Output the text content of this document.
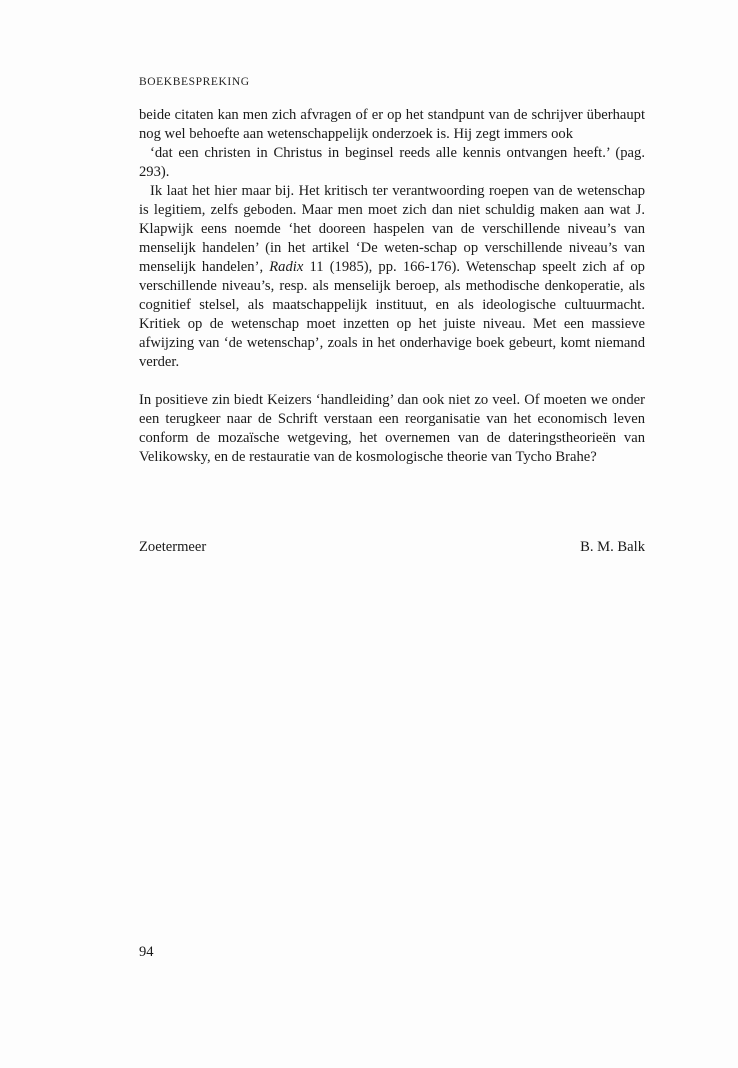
BOEKBESPREKING

beide citaten kan men zich afvragen of er op het standpunt van de schrijver überhaupt nog wel behoefte aan wetenschappelijk onderzoek is. Hij zegt immers ook

‘dat een christen in Christus in beginsel reeds alle kennis ontvangen heeft.’ (pag. 293).

Ik laat het hier maar bij. Het kritisch ter verantwoording roepen van de wetenschap is legitiem, zelfs geboden. Maar men moet zich dan niet schuldig maken aan wat J. Klapwijk eens noemde ‘het dooreen haspelen van de verschillende niveau’s van menselijk handelen’ (in het artikel ‘De weten-schap op verschillende niveau’s van menselijk handelen’, Radix 11 (1985), pp. 166-176). Wetenschap speelt zich af op verschillende niveau’s, resp. als menselijk beroep, als methodische denkoperatie, als cognitief stelsel, als maatschappelijk instituut, en als ideologische cultuurmacht. Kritiek op de wetenschap moet inzetten op het juiste niveau. Met een massieve afwijzing van ‘de wetenschap’, zoals in het onderhavige boek gebeurt, komt niemand verder.

In positieve zin biedt Keizers ‘handleiding’ dan ook niet zo veel. Of moeten we onder een terugkeer naar de Schrift verstaan een reorganisatie van het economisch leven conform de mozaïsche wetgeving, het overnemen van de dateringstheorieën van Velikowsky, en de restauratie van de kosmologische theorie van Tycho Brahe?

Zoetermeer	B. M. Balk
94
